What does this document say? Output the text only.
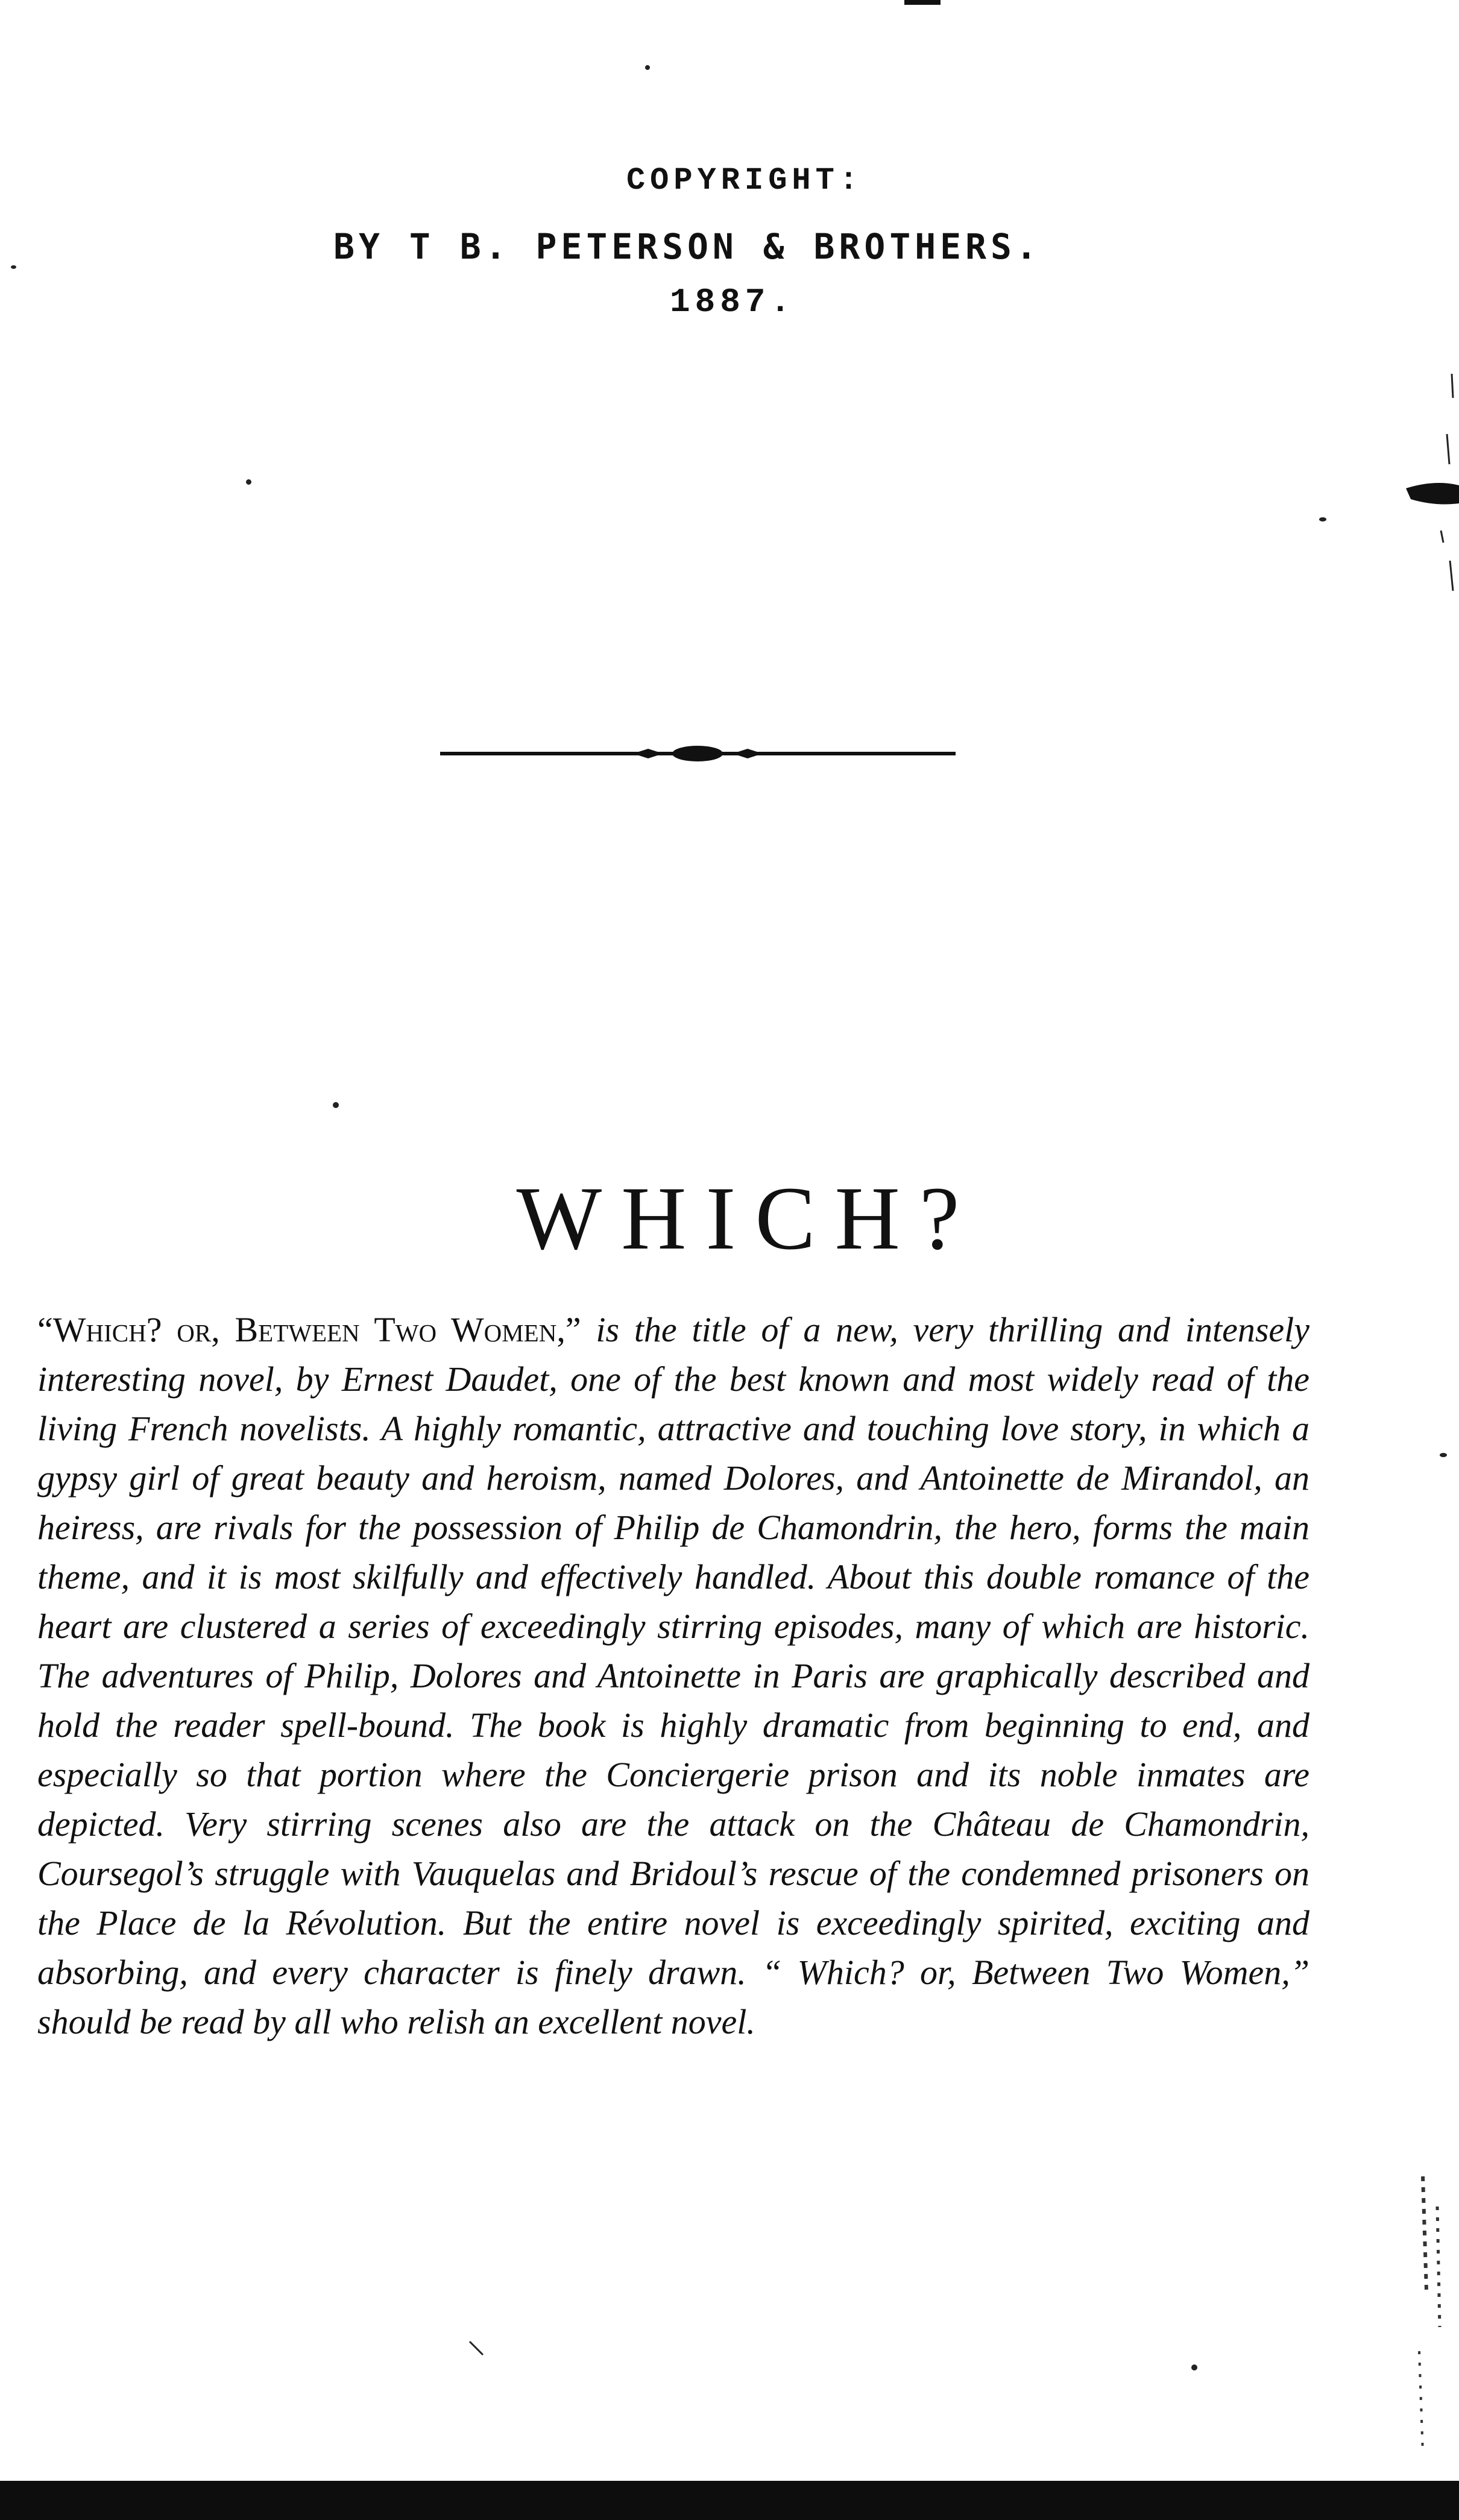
COPYRIGHT:
BY T B. PETERSON & BROTHERS.
1887.
WHICH?

“Which? or, Between Two Women,” is the title of a new, very thrilling and intensely interesting novel, by Ernest Daudet, one of the best known and most widely read of the living French novelists. A highly romantic, attractive and touching love story, in which a gypsy girl of great beauty and heroism, named Dolores, and Antoinette de Mirandol, an heiress, are rivals for the possession of Philip de Chamondrin, the hero, forms the main theme, and it is most skilfully and effectively handled. About this double romance of the heart are clustered a series of exceedingly stirring episodes, many of which are historic. The adventures of Philip, Dolores and Antoinette in Paris are graphically described and hold the reader spell-bound. The book is highly dramatic from beginning to end, and especially so that portion where the Conciergerie prison and its noble inmates are depicted. Very stirring scenes also are the attack on the Château de Chamondrin, Coursegol’s struggle with Vauquelas and Bridoul’s rescue of the condemned prisoners on the Place de la Révolution. But the entire novel is exceedingly spirited, exciting and absorbing, and every character is finely drawn. “ Which? or, Between Two Women,” should be read by all who relish an excellent novel.
